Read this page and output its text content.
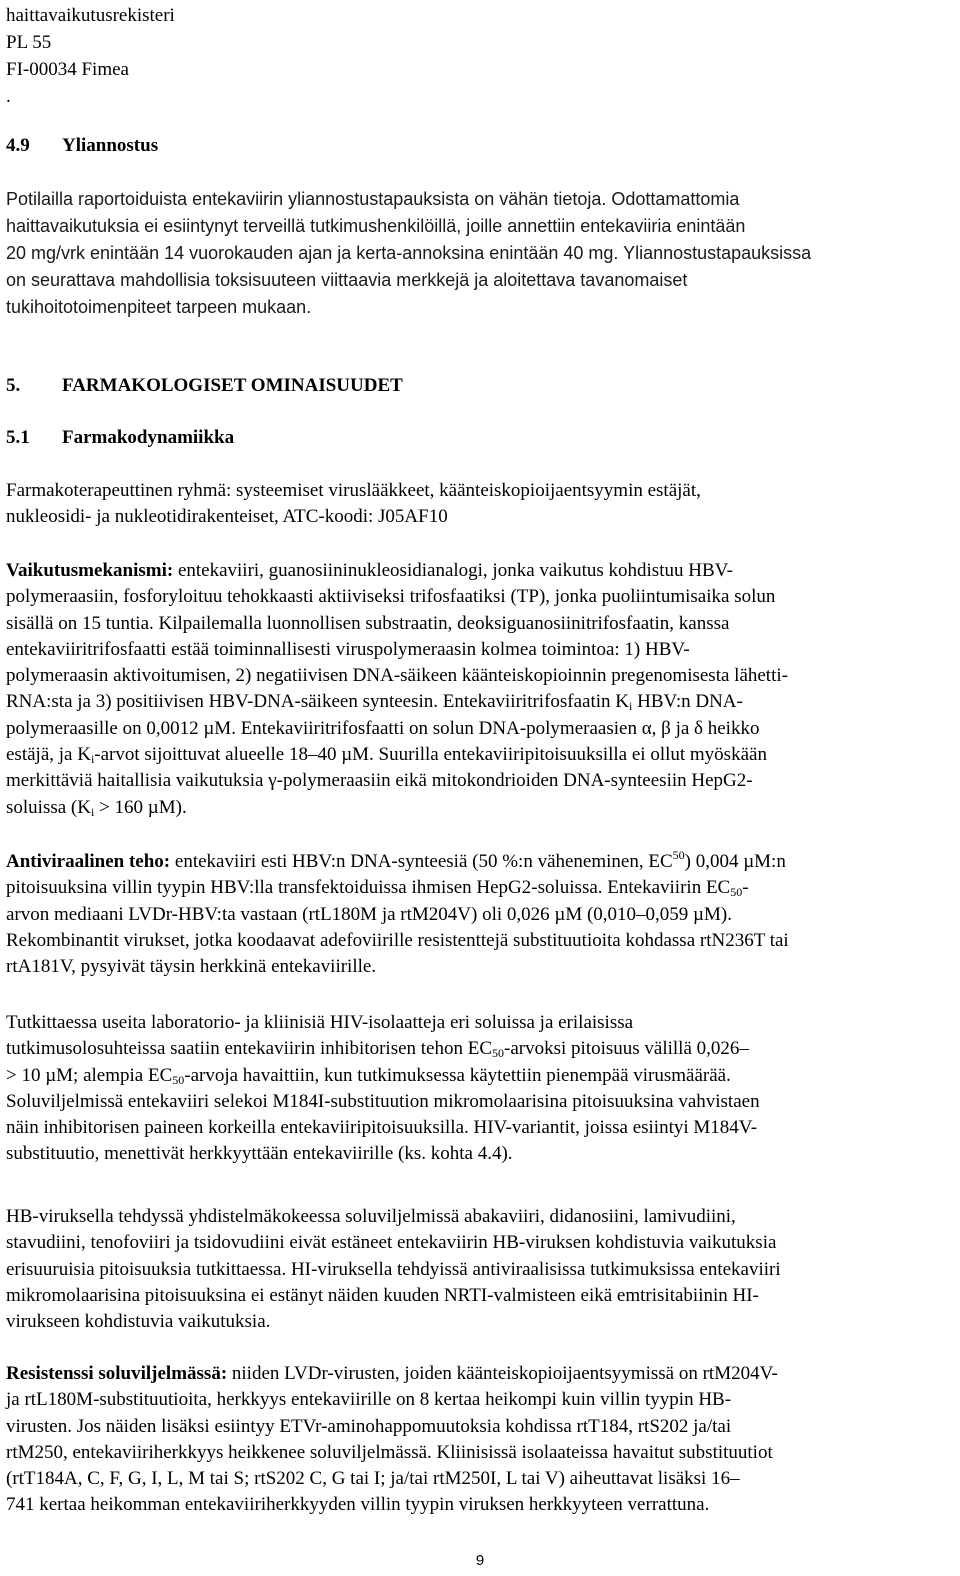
haittavaikutusrekisteri
PL 55
FI-00034 Fimea
.

4.9 Yliannostus

Potilailla raportoiduista entekaviirin yliannostustapauksista on vähän tietoja. Odottamattomia
haittavaikutuksia ei esiintynyt terveillä tutkimushenkilöillä, joille annettiin entekaviiria enintään
20 mg/vrk enintään 14 vuorokauden ajan ja kerta-annoksina enintään 40 mg. Yliannostustapauksissa
on seurattava mahdollisia toksisuuteen viittaavia merkkejä ja aloitettava tavanomaiset
tukihoitotoimenpiteet tarpeen mukaan.

5. FARMAKOLOGISET OMINAISUUDET
5.1 Farmakodynamiikka

Farmakoterapeuttinen ryhmä: systeemiset viruslääkkeet, käänteiskopioijaentsyymin estäjät,
nukleosidi- ja nukleotidirakenteiset, ATC-koodi: J05AF10

Vaikutusmekanismi: entekaviiri, guanosiininukleosidianalogi, jonka vaikutus kohdistuu HBV-
polymeraasiin, fosforyloituu tehokkaasti aktiiviseksi trifosfaatiksi (TP), jonka puoliintumisaika solun
sisällä on 15 tuntia. Kilpailemalla luonnollisen substraatin, deoksiguanosiinitrifosfaatin, kanssa
entekaviiritrifosfaatti estää toiminnallisesti viruspolymeraasin kolmea toimintoa: 1) HBV-
polymeraasin aktivoitumisen, 2) negatiivisen DNA-säikeen käänteiskopioinnin pregenomisesta lähetti-
RNA:sta ja 3) positiivisen HBV-DNA-säikeen synteesin. Entekaviiritrifosfaatin $K_i$ HBV:n DNA-
polymeraasille on 0,0012 µM. Entekaviiritrifosfaatti on solun DNA-polymeraasien α, β ja δ heikko
estäjä, ja $K_i$-arvot sijoittuvat alueelle 18–40 µM. Suurilla entekaviiripitoisuuksilla ei ollut myöskään
merkittäviä haitallisia vaikutuksia γ-polymeraasiin eikä mitokondrioiden DNA-synteesiin HepG2-
soluissa ($K_i > 160$ µM).

Antiviraalinen teho: entekaviiri esti HBV:n DNA-synteesiä (50 %:n väheneminen, EC$^{50}$) 0,004 µM:n
pitoisuuksina villin tyypin HBV:lla transfektoiduissa ihmisen HepG2-soluissa. Entekaviirin $EC_{50}-$
arvon mediaani LVDr-HBV:ta vastaan (rtL180M ja rtM204V) oli 0,026 µM (0,010–0,059 µM).
Rekombinantit virukset, jotka koodaavat adefoviirille resistenttejä substituutioita kohdassa rtN236T tai
rtA181V, pysyivät täysin herkkinä entekaviirille.

Tutkittaessa useita laboratorio- ja kliinisiä HIV-isolaatteja eri soluissa ja erilaisissa
tutkimusolosuhteissa saatiin entekaviirin inhibitorisen tehon $EC_{50}$-arvoksi pitoisuus välillä 0,026–
> 10 µM; alempia $EC_{50}$-arvoja havaittiin, kun tutkimuksessa käytettiin pienempää virusmäärää.
Soluviljelmissä entekaviiri selekoi M184I-substituution mikromolaarisina pitoisuuksina vahvistaen
näin inhibitorisen paineen korkeilla entekaviiripitoisuuksilla. HIV-variantit, joissa esiintyi M184V-
substituutio, menettivät herkkyyttään entekaviirille (ks. kohta 4.4).

HB-viruksella tehdyssä yhdistelmäkokeessa soluviljelmissä abakaviiri, didanosiini, lamivudiini,
stavudiini, tenofoviiri ja tsidovudiini eivät estäneet entekaviirin HB-viruksen kohdistuvia vaikutuksia
erisuuruisia pitoisuuksia tutkittaessa. HI-viruksella tehdyissä antiviraalisissa tutkimuksissa entekaviiri
mikromolaarisina pitoisuuksina ei estänyt näiden kuuden NRTI-valmisteen eikä emtrisitabiinin HI-
virukseen kohdistuvia vaikutuksia.

Resistenssi soluviljelmässä: niiden LVDr-virusten, joiden käänteiskopioijaentsyymissä on rtM204V-
ja rtL180M-substituutioita, herkkyys entekaviirille on 8 kertaa heikompi kuin villin tyypin HB-
virusten. Jos näiden lisäksi esiintyy ETVr-aminohappomuutoksia kohdissa rtT184, rtS202 ja/tai
rtM250, entekaviiriherkkyys heikkenee soluviljelmässä. Kliinisissä isolaateissa havaitut substituutiot
(rtT184A, C, F, G, I, L, M tai S; rtS202 C, G tai I; ja/tai rtM250I, L tai V) aiheuttavat lisäksi 16–
741 kertaa heikomman entekaviiriherkkyyden villin tyypin viruksen herkkyyteen verrattuna.

9
